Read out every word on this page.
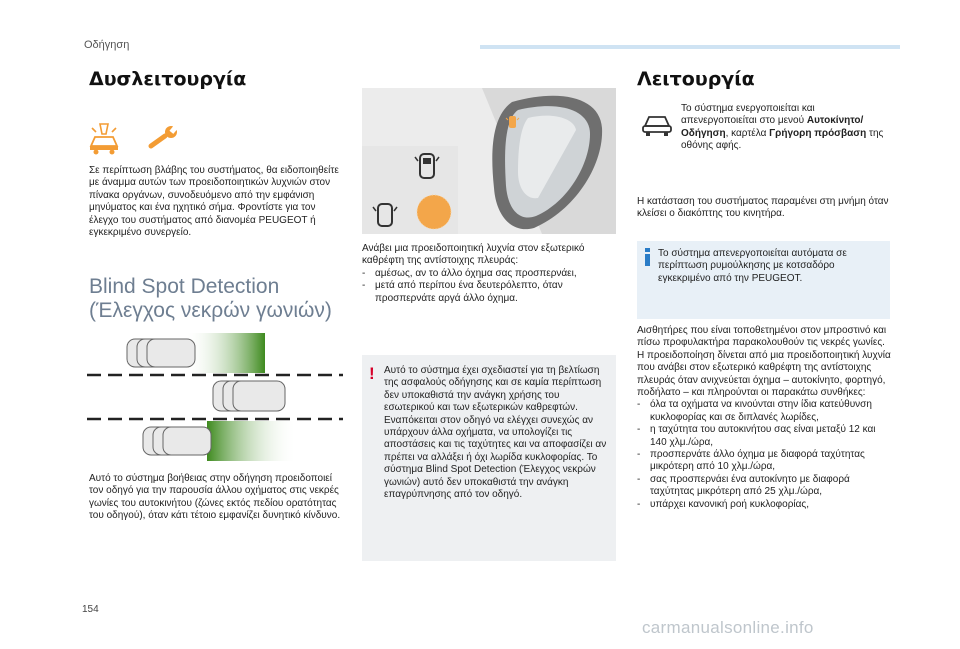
Οδήγηση
Δυσλειτουργία
Σε περίπτωση βλάβης του συστήματος, θα ειδοποιηθείτε με άναμμα αυτών των προειδοποιητικών λυχνιών στον πίνακα οργάνων, συνοδευόμενο από την εμφάνιση μηνύματος και ένα ηχητικό σήμα. Φροντίστε για τον έλεγχο του συστήματος από διανομέα PEUGEOT ή εγκεκριμένο συνεργείο.
Blind Spot Detection (Έλεγχος νεκρών γωνιών)
Αυτό το σύστημα βοήθειας στην οδήγηση προειδοποιεί τον οδηγό για την παρουσία άλλου οχήματος στις νεκρές γωνίες του αυτοκινήτου (ζώνες εκτός πεδίου ορατότητας του οδηγού), όταν κάτι τέτοιο εμφανίζει δυνητικό κίνδυνο.

Ανάβει μια προειδοποιητική λυχνία στον εξωτερικό καθρέφτη της αντίστοιχης πλευράς:

- αμέσως, αν το άλλο όχημα σας προσπερνάει,
- μετά από περίπου ένα δευτερόλεπτο, όταν προσπερνάτε αργά άλλο όχημα.
! Αυτό το σύστημα έχει σχεδιαστεί για τη βελτίωση της ασφαλούς οδήγησης και σε καμία περίπτωση δεν υποκαθιστά την ανάγκη χρήσης του εσωτερικού και των εξωτερικών καθρεφτών. Εναπόκειται στον οδηγό να ελέγχει συνεχώς αν υπάρχουν άλλα οχήματα, να υπολογίζει τις αποστάσεις και τις ταχύτητες και να αποφασίζει αν πρέπει να αλλάξει ή όχι λωρίδα κυκλοφορίας. Το σύστημα Blind Spot Detection (Έλεγχος νεκρών γωνιών) αυτό δεν υποκαθιστά την ανάγκη επαγρύπνησης από τον οδηγό.
Λειτουργία
Το σύστημα ενεργοποιείται και απενεργοποιείται στο μενού Αυτοκίνητο/ Οδήγηση, καρτέλα Γρήγορη πρόσβαση της οθόνης αφής.
Η κατάσταση του συστήματος παραμένει στη μνήμη όταν κλείσει ο διακόπτης του κινητήρα.
Το σύστημα απενεργοποιείται αυτόματα σε περίπτωση ρυμούλκησης με κοτσαδόρο εγκεκριμένο από την PEUGEOT.

Αισθητήρες που είναι τοποθετημένοι στον μπροστινό και πίσω προφυλακτήρα παρακολουθούν τις νεκρές γωνίες. Η προειδοποίηση δίνεται από μια προειδοποιητική λυχνία που ανάβει στον εξωτερικό καθρέφτη της αντίστοιχης πλευράς όταν ανιχνεύεται όχημα – αυτοκίνητο, φορτηγό, ποδήλατο – και πληρούνται οι παρακάτω συνθήκες:

- όλα τα οχήματα να κινούνται στην ίδια κατεύθυνση κυκλοφορίας και σε διπλανές λωρίδες,
- η ταχύτητα του αυτοκινήτου σας είναι μεταξύ 12 και 140 χλμ./ώρα,
- προσπερνάτε άλλο όχημα με διαφορά ταχύτητας μικρότερη από 10 χλμ./ώρα,
- σας προσπερνάει ένα αυτοκίνητο με διαφορά ταχύτητας μικρότερη από 25 χλμ./ώρα,
- υπάρχει κανονική ροή κυκλοφορίας,
154
carmanualsonline.info
